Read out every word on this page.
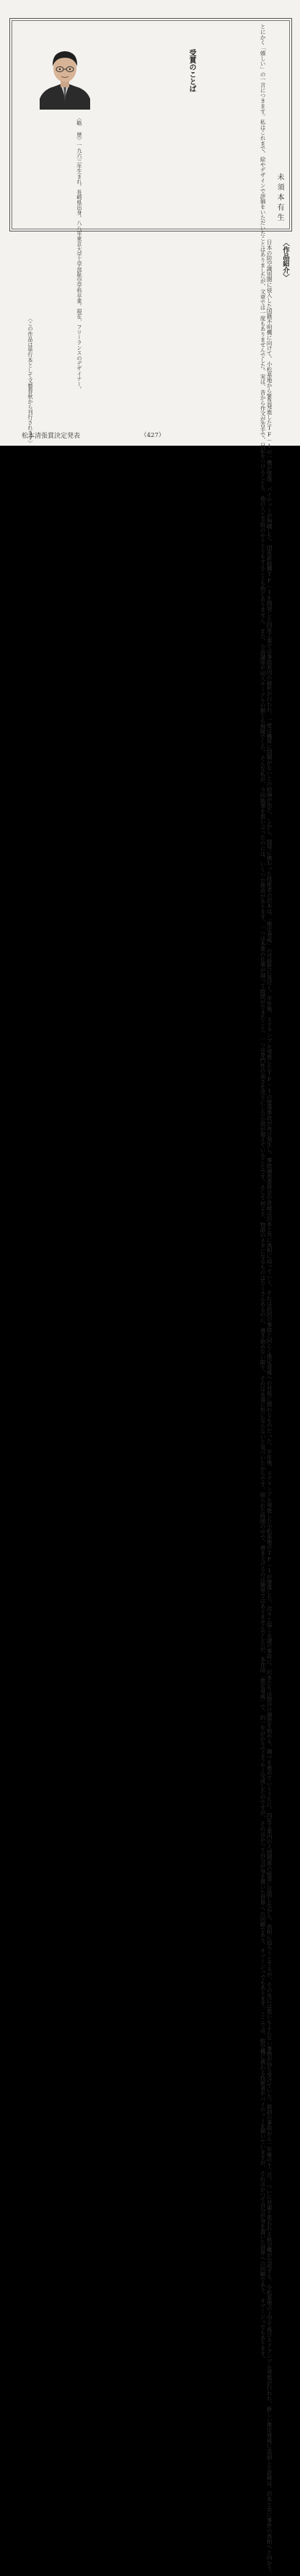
受賞のことば
未須本有生
とにかく「嬉しい」の一言につきます。私はこれまで、絵やデザインで評価をいただいたことはありましたが、文章では一度もありませんでした。実は、昔から作文が苦手で、日記をつけることも、他の人と手紙のやりとりをすることも殆どありません。また、小説講座や同人サークルの類とも無縁でした。そんな私が、今回執筆を思い立ったのには、いくつか理由があります。一つは本業の仕事が減って時間ができたこと。一つは専門性の高さを売りにした小説が増えていることです。そして何より、物語のネタになるものはたくさんあるのに、書き始めない限り、それは永遠に形にならないと気づいたからです。限られた時間の中で、書き上げるのは簡単ではありませんでしたが、本作品「推定脅威」で、約一年がかりでようやく完成したのですが、それはかつて自分が身を置いた世界への回顧であり、オマージュでもあります。ここでは、航空機に携わる技術者やパイロットを描いていますが、それはかつて自分が身を置いた世界への回顧であり、オマージュでもあります。
〈略 歴〉一九六三年生まれ。長崎県出身。八八年東京大学工学部航空学科卒業。現在、フリーランスのデザイナー。	〈作品紹介〉
日本の防空識別圏に侵入した国籍不明機に向けて、小松基地から緊急発進したTF－1の一機が墜落。パイロットが殉職した。国産新鋭機TF－1を開発した四星工業では事故原因の解析が行われ、一度は機体に問題がないとの結論が出た。しかし、開発に携わった技術者の沢本は、「推定脅威」の可能性に気付く。半年後、スクランブル発進したTF－1の墜落事故が再び発生し、事故調査委員会の倉崎は沢本と共に真相に迫っていく。それは前回の事故と同じく推定脅威への対処に関わるものだった。半年後、スクランブル発進した小松基地のTF－1が墜落した。次々と起こる謎の事故に、沢本たちは独自の調査を始める。調べを進めていくうちに、四星工業内の人間関係の暗部に直面しながら、真相に迫ろうとするが、その先には思いもよらない事態が待ち受けていた。最初の事故から一年後の十二月、ついに対策と思われる航空機が完成する。小松基地の上空で再びスクランブル発進が行われ、新しい推定脅威に直面した倉崎は、沢本と共に事件の真相へと向かう。
〈この作品は単行本として文藝春秋から刊行されます〉
松本清張賞決定発表	（427）
